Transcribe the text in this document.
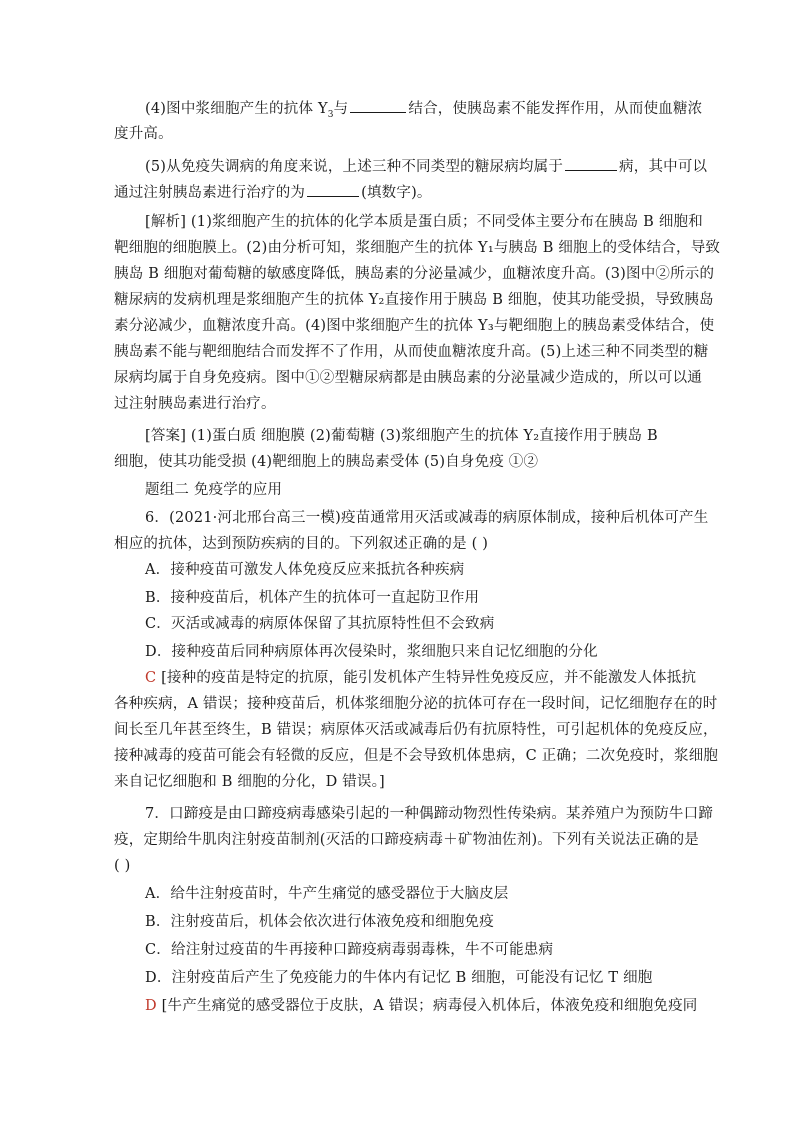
(4)图中浆细胞产生的抗体 $Y_3$与	结合，使胰岛素不能发挥作用，从而使血糖浓
度升高。
(5)从免疫失调病的角度来说，上述三种不同类型的糖尿病均属于	病，其中可以
通过注射胰岛素进行治疗的为	(填数字)。
[解析] (1)浆细胞产生的抗体的化学本质是蛋白质；不同受体主要分布在胰岛 B 细胞和
靶细胞的细胞膜上。(2)由分析可知，浆细胞产生的抗体 Y₁与胰岛 B 细胞上的受体结合，导致
胰岛 B 细胞对葡萄糖的敏感度降低，胰岛素的分泌量减少，血糖浓度升高。(3)图中②所示的
糖尿病的发病机理是浆细胞产生的抗体 Y₂直接作用于胰岛 B 细胞，使其功能受损，导致胰岛
素分泌减少，血糖浓度升高。(4)图中浆细胞产生的抗体 Y₃与靶细胞上的胰岛素受体结合，使
胰岛素不能与靶细胞结合而发挥不了作用，从而使血糖浓度升高。(5)上述三种不同类型的糖
尿病均属于自身免疫病。图中①②型糖尿病都是由胰岛素的分泌量减少造成的，所以可以通
过注射胰岛素进行治疗。
[答案] (1)蛋白质 细胞膜 (2)葡萄糖 (3)浆细胞产生的抗体 Y₂直接作用于胰岛 B
细胞，使其功能受损 (4)靶细胞上的胰岛素受体 (5)自身免疫 ①②
题组二 免疫学的应用
6．(2021·河北邢台高三一模)疫苗通常用灭活或减毒的病原体制成，接种后机体可产生
相应的抗体，达到预防疾病的目的。下列叙述正确的是 ( )
A．接种疫苗可激发人体免疫反应来抵抗各种疾病
B．接种疫苗后，机体产生的抗体可一直起防卫作用
C．灭活或减毒的病原体保留了其抗原特性但不会致病
D．接种疫苗后同种病原体再次侵染时，浆细胞只来自记忆细胞的分化
C [接种的疫苗是特定的抗原，能引发机体产生特异性免疫反应，并不能激发人体抵抗
各种疾病，A 错误；接种疫苗后，机体浆细胞分泌的抗体可存在一段时间，记忆细胞存在的时
间长至几年甚至终生，B 错误；病原体灭活或减毒后仍有抗原特性，可引起机体的免疫反应，
接种减毒的疫苗可能会有轻微的反应，但是不会导致机体患病，C 正确；二次免疫时，浆细胞
来自记忆细胞和 B 细胞的分化，D 错误。]
7．口蹄疫是由口蹄疫病毒感染引起的一种偶蹄动物烈性传染病。某养殖户为预防牛口蹄
疫，定期给牛肌肉注射疫苗制剂(灭活的口蹄疫病毒＋矿物油佐剂)。下列有关说法正确的是
( )
A．给牛注射疫苗时，牛产生痛觉的感受器位于大脑皮层
B．注射疫苗后，机体会依次进行体液免疫和细胞免疫
C．给注射过疫苗的牛再接种口蹄疫病毒弱毒株，牛不可能患病
D．注射疫苗后产生了免疫能力的牛体内有记忆 B 细胞，可能没有记忆 T 细胞
D [牛产生痛觉的感受器位于皮肤，A 错误；病毒侵入机体后，体液免疫和细胞免疫同
